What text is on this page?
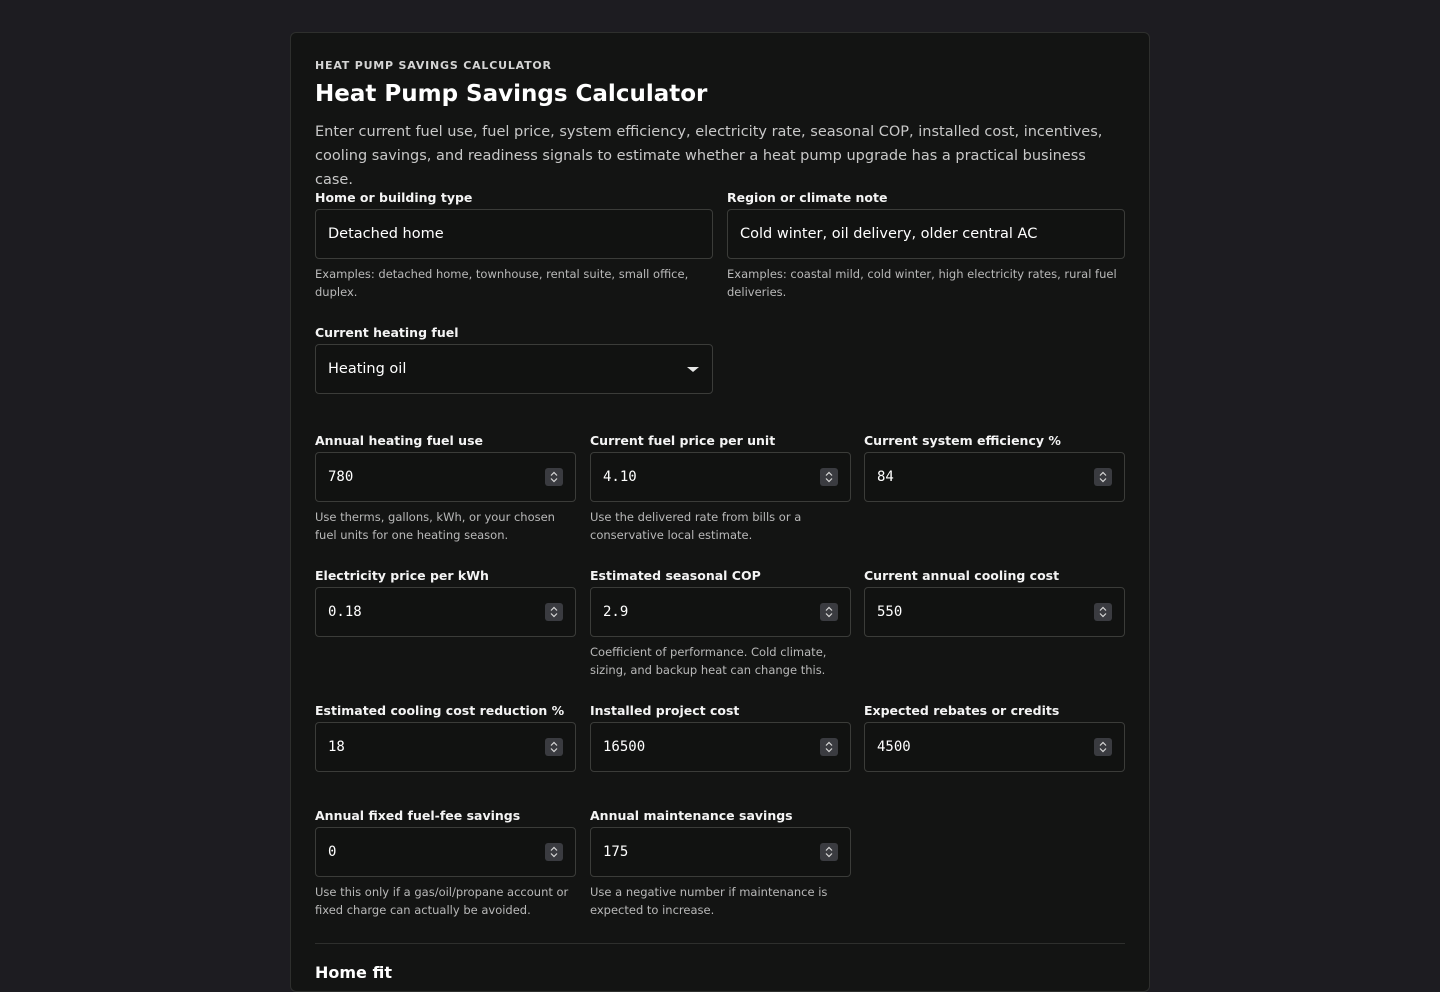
HEAT PUMP SAVINGS CALCULATOR
Heat Pump Savings Calculator

Enter current fuel use, fuel price, system efficiency, electricity rate, seasonal COP, installed cost, incentives, cooling savings, and readiness signals to estimate whether a heat pump upgrade has a practical business case.

Home or building type
Detached home

Examples: detached home, townhouse, rental suite, small office, duplex.

Region or climate note
Cold winter, oil delivery, older central AC

Examples: coastal mild, cold winter, high electricity rates, rural fuel deliveries.

Current heating fuel
Heating oil
Annual heating fuel use
780

Use therms, gallons, kWh, or your chosen fuel units for one heating season.

Current fuel price per unit
4.10

Use the delivered rate from bills or a conservative local estimate.

Current system efficiency %
84
Electricity price per kWh
0.18
Estimated seasonal COP
2.9

Coefficient of performance. Cold climate, sizing, and backup heat can change this.

Current annual cooling cost
550
Estimated cooling cost reduction %
18
Installed project cost
16500
Expected rebates or credits
4500
Annual fixed fuel-fee savings
0

Use this only if a gas/oil/propane account or fixed charge can actually be avoided.

Annual maintenance savings
175

Use a negative number if maintenance is expected to increase.

Home fit
